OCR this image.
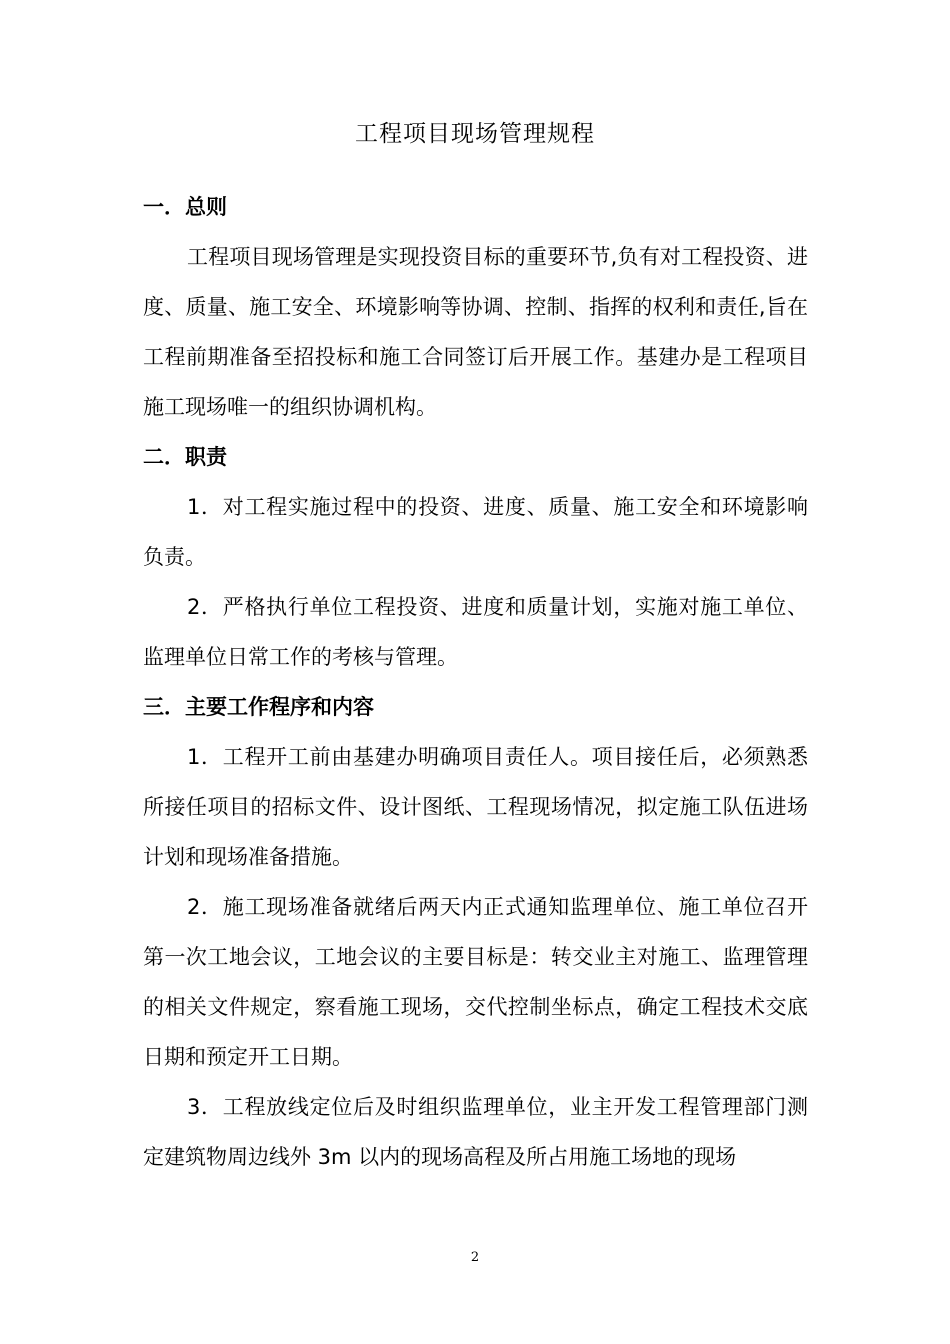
工程项目现场管理规程
一．总则

工程项目现场管理是实现投资目标的重要环节,负有对工程投资、进度、质量、施工安全、环境影响等协调、控制、指挥的权利和责任,旨在工程前期准备至招投标和施工合同签订后开展工作。基建办是工程项目施工现场唯一的组织协调机构。

二．职责

1．对工程实施过程中的投资、进度、质量、施工安全和环境影响负责。

2．严格执行单位工程投资、进度和质量计划，实施对施工单位、监理单位日常工作的考核与管理。

三．主要工作程序和内容

1．工程开工前由基建办明确项目责任人。项目接任后，必须熟悉所接任项目的招标文件、设计图纸、工程现场情况，拟定施工队伍进场计划和现场准备措施。

2．施工现场准备就绪后两天内正式通知监理单位、施工单位召开第一次工地会议，工地会议的主要目标是：转交业主对施工、监理管理的相关文件规定，察看施工现场，交代控制坐标点，确定工程技术交底日期和预定开工日期。

3．工程放线定位后及时组织监理单位，业主开发工程管理部门测定建筑物周边线外 3m 以内的现场高程及所占用施工场地的现场

2
